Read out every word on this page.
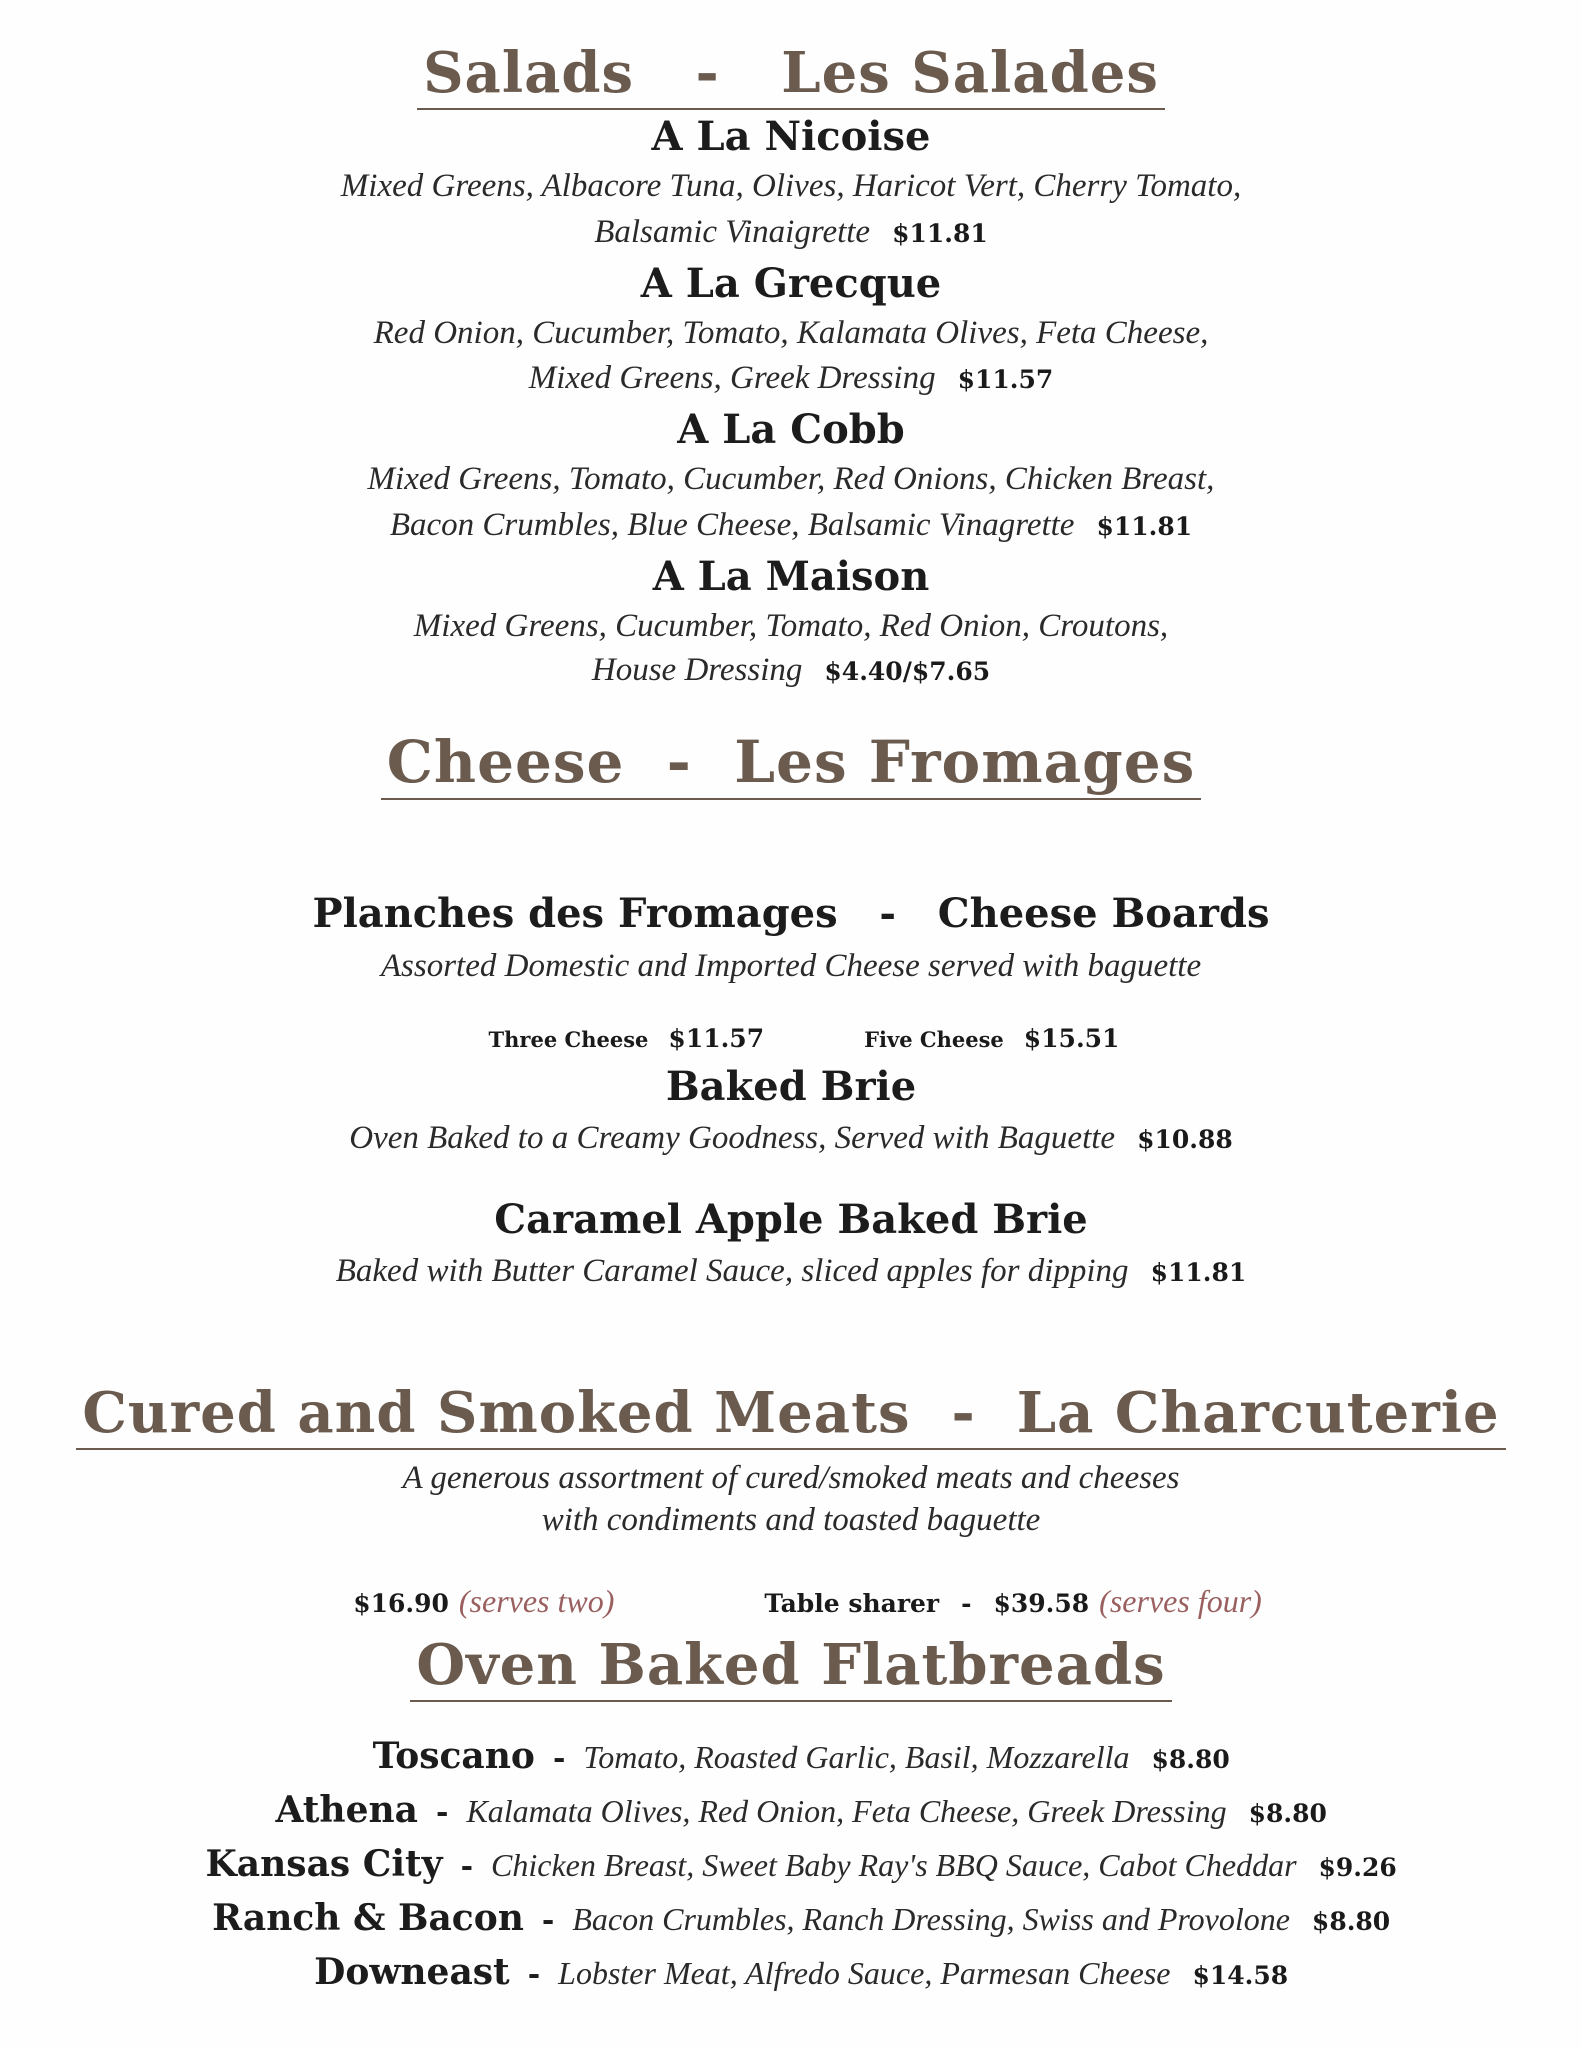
Salads   -   Les Salades
A La Nicoise
Mixed Greens, Albacore Tuna, Olives, Haricot Vert, Cherry Tomato,
Balsamic Vinaigrette $11.81
A La Grecque
Red Onion, Cucumber, Tomato, Kalamata Olives, Feta Cheese,
Mixed Greens, Greek Dressing $11.57
A La Cobb
Mixed Greens, Tomato, Cucumber, Red Onions, Chicken Breast,
Bacon Crumbles, Blue Cheese, Balsamic Vinagrette $11.81
A La Maison
Mixed Greens, Cucumber, Tomato, Red Onion, Croutons,
House Dressing $4.40/$7.65
Cheese  -  Les Fromages
Planches des Fromages   -   Cheese Boards
Assorted Domestic and Imported Cheese served with baguette

Three Cheese $11.57	Five Cheese $15.51

Baked Brie
Oven Baked to a Creamy Goodness, Served with Baguette $10.88
Caramel Apple Baked Brie
Baked with Butter Caramel Sauce, sliced apples for dipping $11.81
Cured and Smoked Meats  -  La Charcuterie
A generous assortment of cured/smoked meats and cheeses
with condiments and toasted baguette

$16.90 (serves two)	Table sharer - $39.58 (serves four)

Oven Baked Flatbreads

Toscano - Tomato, Roasted Garlic, Basil, Mozzarella $8.80

Athena - Kalamata Olives, Red Onion, Feta Cheese, Greek Dressing $8.80

Kansas City - Chicken Breast, Sweet Baby Ray's BBQ Sauce, Cabot Cheddar $9.26

Ranch & Bacon - Bacon Crumbles, Ranch Dressing, Swiss and Provolone $8.80

Downeast - Lobster Meat, Alfredo Sauce, Parmesan Cheese $14.58
